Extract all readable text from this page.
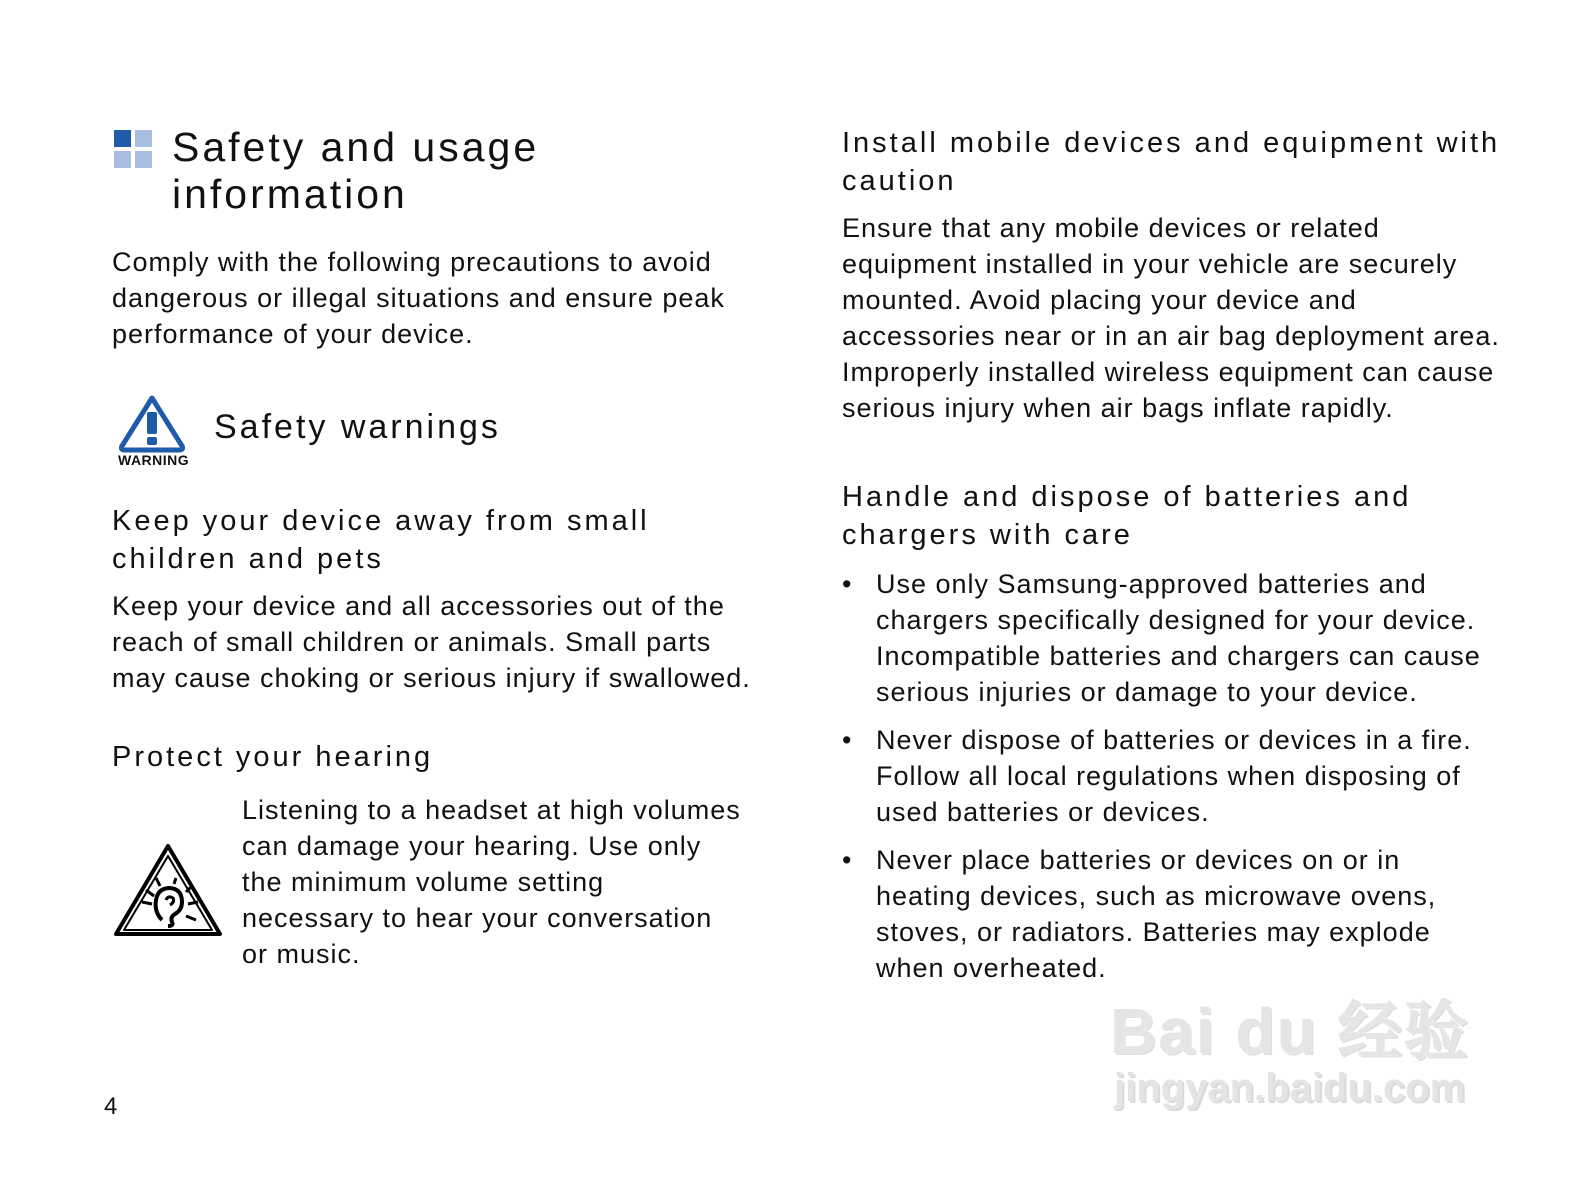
Safety and usage information
Comply with the following precautions to avoid dangerous or illegal situations and ensure peak performance of your device.
WARNING
Safety warnings
Keep your device away from small children and pets
Keep your device and all accessories out of the reach of small children or animals. Small parts may cause choking or serious injury if swallowed.
Protect your hearing
Listening to a headset at high volumes can damage your hearing. Use only the minimum volume setting necessary to hear your conversation or music.
Install mobile devices and equipment with caution
Ensure that any mobile devices or related equipment installed in your vehicle are securely mounted. Avoid placing your device and accessories near or in an air bag deployment area. Improperly installed wireless equipment can cause serious injury when air bags inflate rapidly.
Handle and dispose of batteries and chargers with care
• Use only Samsung-approved batteries and chargers specifically designed for your device. Incompatible batteries and chargers can cause serious injuries or damage to your device.
• Never dispose of batteries or devices in a fire. Follow all local regulations when disposing of used batteries or devices.
• Never place batteries or devices on or in heating devices, such as microwave ovens, stoves, or radiators. Batteries may explode when overheated.
4
Bai du 经验
jingyan.baidu.com
